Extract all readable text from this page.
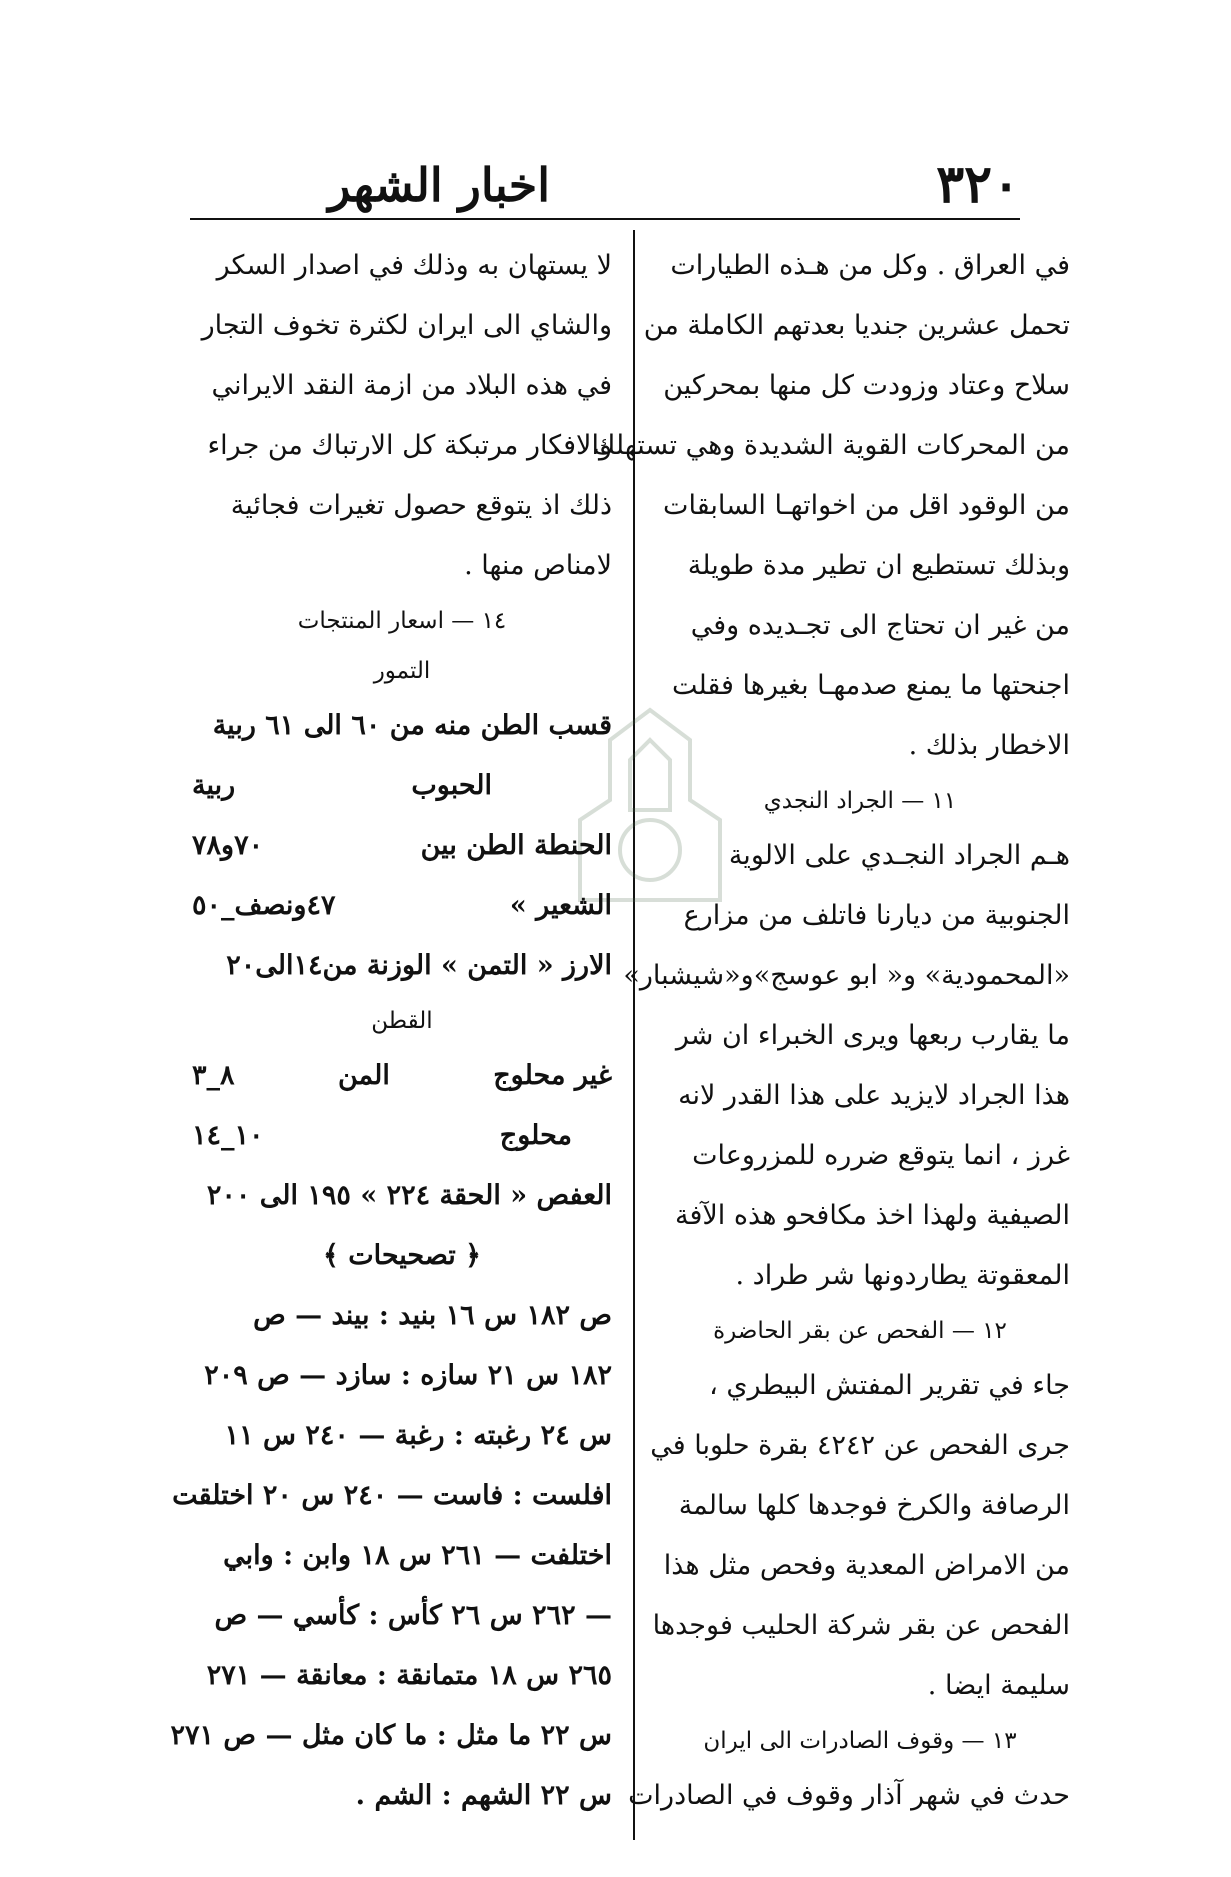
٣٢٠
اخبار الشهر
في العراق . وكل من هـذه الطيارات
تحمل عشرين جنديا بعدتهم الكاملة من
سلاح وعتاد وزودت كل منها بمحركين
من المحركات القوية الشديدة وهي تستهلك
من الوقود اقل من اخواتهـا السابقات
وبذلك تستطيع ان تطير مدة طويلة
من غير ان تحتاج الى تجـديده وفي
اجنحتها ما يمنع صدمهـا بغيرها فقلت
الاخطار بذلك .
١١ — الجراد النجدي
هـم الجراد النجـدي على الالوية
الجنوبية من ديارنا فاتلف من مزارع
«المحمودية» و« ابو عوسج»و«شيشبار»
ما يقارب ربعها ويرى الخبراء ان شر
هذا الجراد لايزيد على هذا القدر لانه
غرز ، انما يتوقع ضرره للمزروعات
الصيفية ولهذا اخذ مكافحو هذه الآفة
المعقوتة يطاردونها شر طراد .
١٢ — الفحص عن بقر الحاضرة
جاء في تقرير المفتش البيطري ،
جرى الفحص عن ٤٢٤٢ بقرة حلوبا في
الرصافة والكرخ فوجدها كلها سالمة
من الامراض المعدية وفحص مثل هذا
الفحص عن بقر شركة الحليب فوجدها
سليمة ايضا .
١٣ — وقوف الصادرات الى ايران
حدث في شهر آذار وقوف في الصادرات
لا يستهان به وذلك في اصدار السكر
والشاي الى ايران لكثرة تخوف التجار
في هذه البلاد من ازمة النقد الايراني
والافكار مرتبكة كل الارتباك من جراء
ذلك اذ يتوقع حصول تغيرات فجائية
لامناص منها .
١٤ — اسعار المنتجات
التمور
قسب الطن منه من ٦٠ الى ٦١ ربية
الحبوب
ربية
الحنطة الطن بين
٧٠و٧٨
الشعير »
٤٧ونصف_٥٠
الارز « التمن » الوزنة من١٤الى٢٠
القطن
غير محلوج
المن
٨_٣
محلوج
١٠_١٤
العفص « الحقة ٢٢٤ » ١٩٥ الى ٢٠٠
﴿ تصحيحات ﴾
ص ١٨٢ س ١٦ بنيد : بيند — ص
١٨٢ س ٢١ سازه : سازد — ص ٢٠٩
س ٢٤ رغبته : رغبة — ٢٤٠ س ١١
افلست : فاست — ٢٤٠ س ٢٠ اختلقت
اختلفت — ٢٦١ س ١٨ وابن : وابي
— ٢٦٢ س ٢٦ كأس : كأسي — ص
٢٦٥ س ١٨ متمانقة : معانقة — ٢٧١
س ٢٢ ما مثل : ما كان مثل — ص ٢٧١
س ٢٢ الشهم : الشم .
